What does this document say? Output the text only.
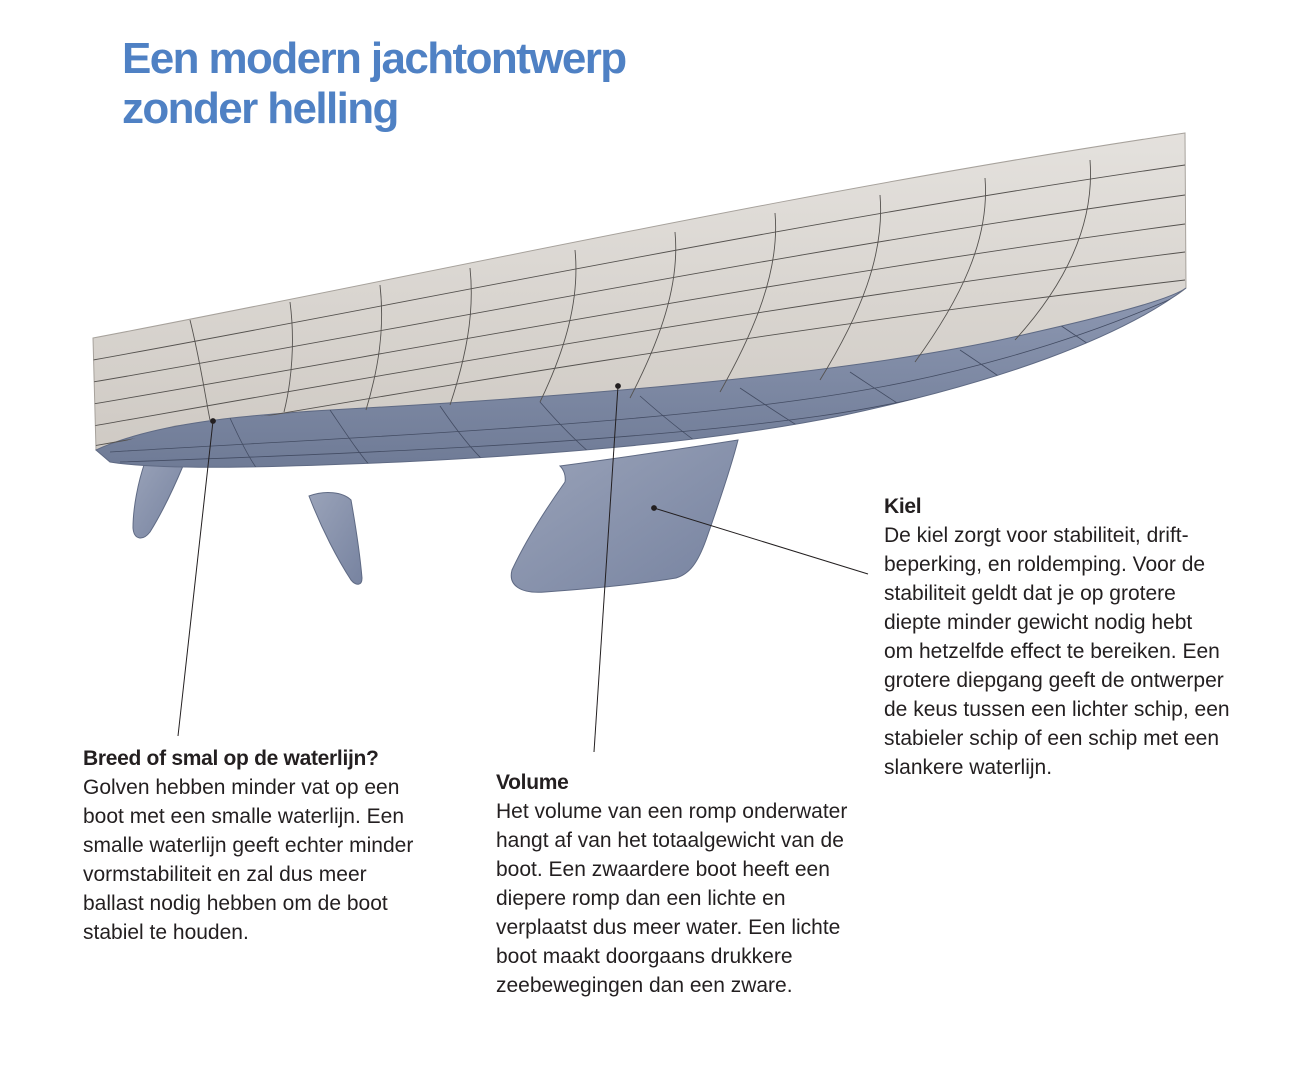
Een modern jachtontwerp
zonder helling
Breed of smal op de waterlijn?

Golven hebben minder vat op een
boot met een smalle waterlijn. Een
smalle waterlijn geeft echter minder
vormstabiliteit en zal dus meer
ballast nodig hebben om de boot
stabiel te houden.

Volume

Het volume van een romp onderwater
hangt af van het totaalgewicht van de
boot. Een zwaardere boot heeft een
diepere romp dan een lichte en
verplaatst dus meer water. Een lichte
boot maakt doorgaans drukkere
zeebewegingen dan een zware.

Kiel

De kiel zorgt voor stabiliteit, drift-
beperking, en roldemping. Voor de
stabiliteit geldt dat je op grotere
diepte minder gewicht nodig hebt
om hetzelfde effect te bereiken. Een
grotere diepgang geeft de ontwerper
de keus tussen een lichter schip, een
stabieler schip of een schip met een
slankere waterlijn.
